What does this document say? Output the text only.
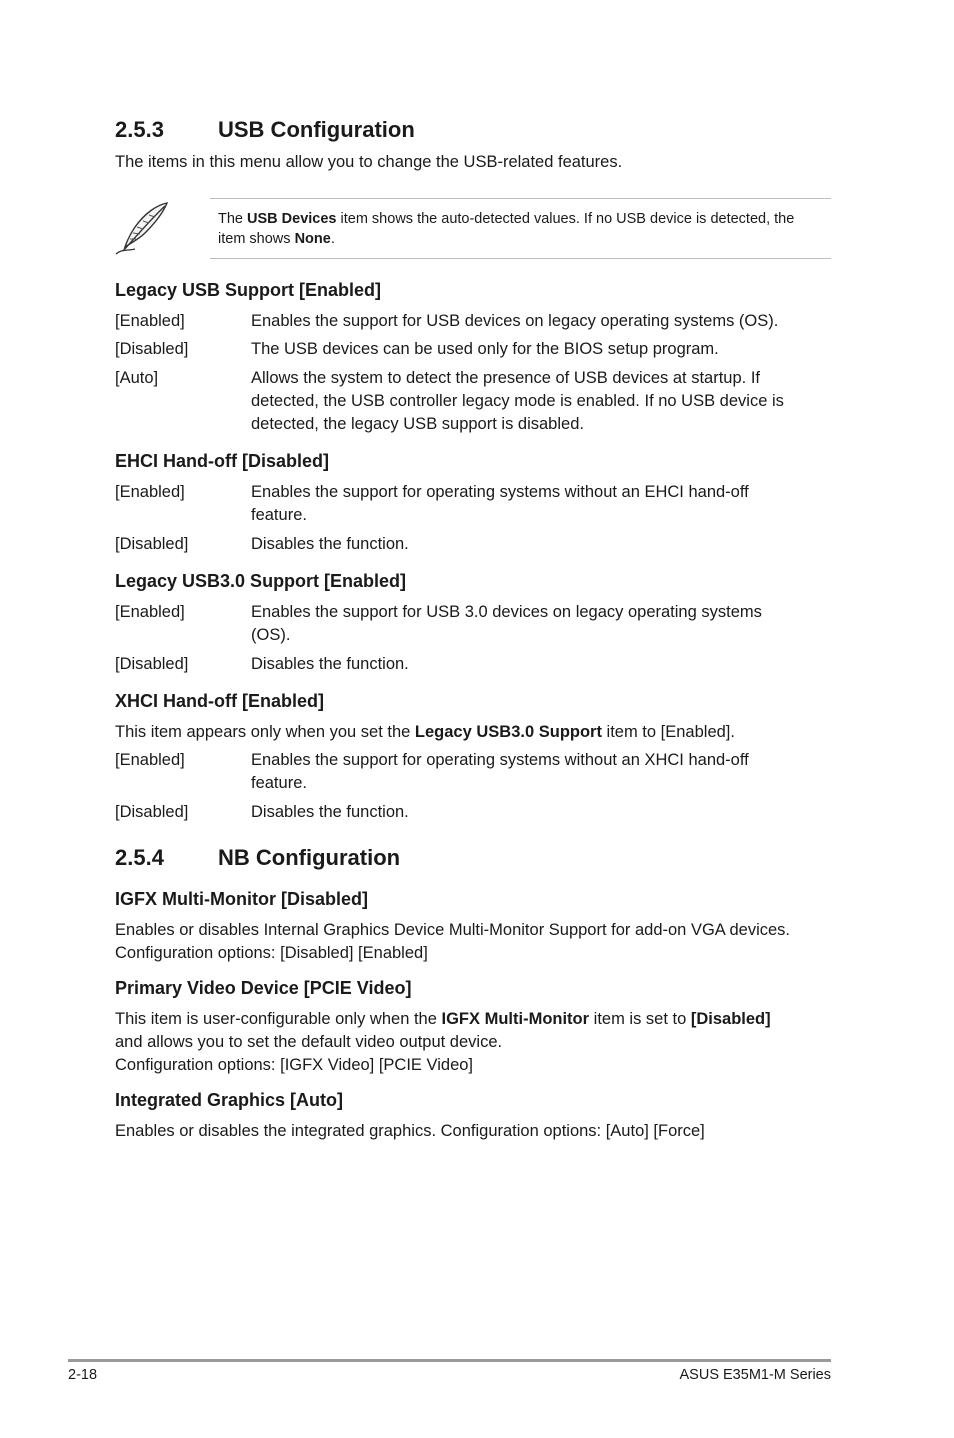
2.5.3 USB Configuration
The items in this menu allow you to change the USB-related features.
The USB Devices item shows the auto-detected values. If no USB device is detected, the
item shows None.
Legacy USB Support [Enabled]
[Enabled]	Enables the support for USB devices on legacy operating systems (OS).
[Disabled]	The USB devices can be used only for the BIOS setup program.
[Auto]	Allows the system to detect the presence of USB devices at startup. If
detected, the USB controller legacy mode is enabled. If no USB device is
detected, the legacy USB support is disabled.
EHCI Hand-off [Disabled]
[Enabled]	Enables the support for operating systems without an EHCI hand-off
feature.
[Disabled]	Disables the function.
Legacy USB3.0 Support [Enabled]
[Enabled]	Enables the support for USB 3.0 devices on legacy operating systems
(OS).
[Disabled]	Disables the function.
XHCI Hand-off [Enabled]
This item appears only when you set the Legacy USB3.0 Support item to [Enabled].
[Enabled]	Enables the support for operating systems without an XHCI hand-off
feature.
[Disabled]	Disables the function.
2.5.4 NB Configuration
IGFX Multi-Monitor [Disabled]
Enables or disables Internal Graphics Device Multi-Monitor Support for add-on VGA devices.
Configuration options: [Disabled] [Enabled]
Primary Video Device [PCIE Video]
This item is user-configurable only when the IGFX Multi-Monitor item is set to [Disabled]
and allows you to set the default video output device.
Configuration options: [IGFX Video] [PCIE Video]
Integrated Graphics [Auto]
Enables or disables the integrated graphics. Configuration options: [Auto] [Force]
2-18	ASUS E35M1-M Series
